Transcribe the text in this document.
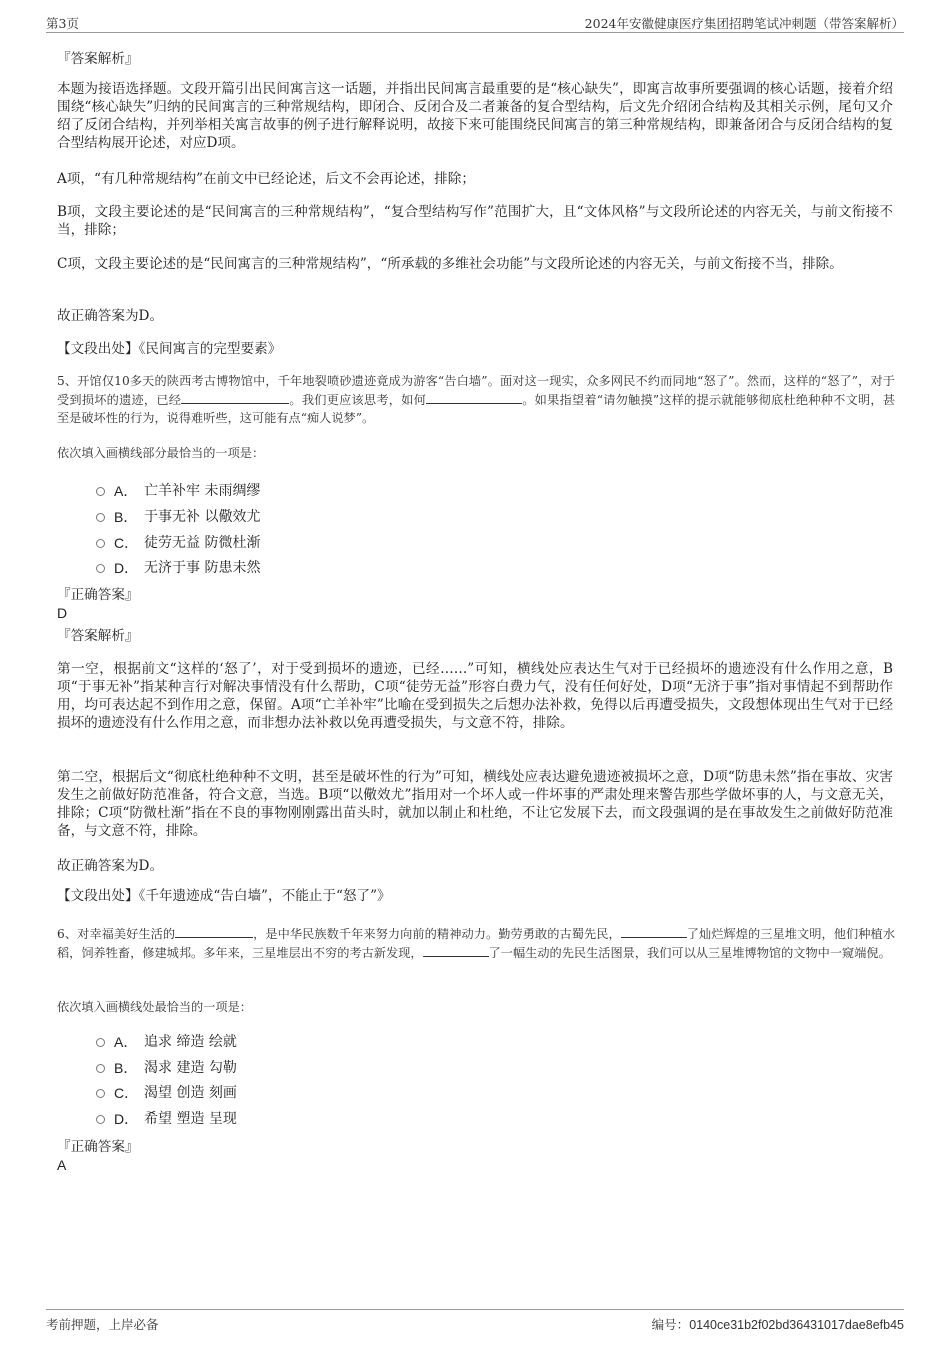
第3页	2024年安徽健康医疗集团招聘笔试冲刺题（带答案解析）
『答案解析』
本题为接语选择题。文段开篇引出民间寓言这一话题，并指出民间寓言最重要的是“核心缺失”，即寓言故事所要强调的核心话题，接着介绍围绕“核心缺失”归纳的民间寓言的三种常规结构，即闭合、反闭合及二者兼备的复合型结构，后文先介绍闭合结构及其相关示例，尾句又介绍了反闭合结构，并列举相关寓言故事的例子进行解释说明，故接下来可能围绕民间寓言的第三种常规结构，即兼备闭合与反闭合结构的复合型结构展开论述，对应D项。
A项，“有几种常规结构”在前文中已经论述，后文不会再论述，排除；
B项，文段主要论述的是“民间寓言的三种常规结构”，“复合型结构写作”范围扩大，且“文体风格”与文段所论述的内容无关，与前文衔接不当，排除；
C项，文段主要论述的是“民间寓言的三种常规结构”，“所承载的多维社会功能”与文段所论述的内容无关，与前文衔接不当，排除。
故正确答案为D。
【文段出处】《民间寓言的完型要素》
5、开馆仅10多天的陕西考古博物馆中，千年地裂喷砂遗迹竟成为游客“告白墙”。面对这一现实，众多网民不约而同地“怒了”。然而，这样的“怒了”，对于受到损坏的遗迹，已经	。我们更应该思考，如何	。如果指望着“请勿触摸”这样的提示就能够彻底杜绝种种不文明，甚至是破坏性的行为，说得难听些，这可能有点“痴人说梦”。
依次填入画横线部分最恰当的一项是：
A． 亡羊补牢 未雨绸缪
B． 于事无补 以儆效尤
C． 徒劳无益 防微杜渐
D． 无济于事 防患未然
『正确答案』
D
『答案解析』
第一空，根据前文“这样的‘怒了’，对于受到损坏的遗迹，已经……”可知，横线处应表达生气对于已经损坏的遗迹没有什么作用之意，B项“于事无补”指某种言行对解决事情没有什么帮助，C项“徒劳无益”形容白费力气，没有任何好处，D项“无济于事”指对事情起不到帮助作用，均可表达起不到作用之意，保留。A项“亡羊补牢”比喻在受到损失之后想办法补救，免得以后再遭受损失，文段想体现出生气对于已经损坏的遗迹没有什么作用之意，而非想办法补救以免再遭受损失，与文意不符，排除。
第二空，根据后文“彻底杜绝种种不文明，甚至是破坏性的行为”可知，横线处应表达避免遗迹被损坏之意，D项“防患未然”指在事故、灾害发生之前做好防范准备，符合文意，当选。B项“以儆效尤”指用对一个坏人或一件坏事的严肃处理来警告那些学做坏事的人，与文意无关，排除；C项“防微杜渐”指在不良的事物刚刚露出苗头时，就加以制止和杜绝，不让它发展下去，而文段强调的是在事故发生之前做好防范准备，与文意不符，排除。
故正确答案为D。
【文段出处】《千年遗迹成“告白墙”，不能止于“怒了”》
6、对幸福美好生活的	，是中华民族数千年来努力向前的精神动力。勤劳勇敢的古蜀先民，	了灿烂辉煌的三星堆文明，他们种植水稻，饲养牲畜，修建城邦。多年来，三星堆层出不穷的考古新发现，	了一幅生动的先民生活图景，我们可以从三星堆博物馆的文物中一窥端倪。
依次填入画横线处最恰当的一项是：
A． 追求 缔造 绘就
B． 渴求 建造 勾勒
C． 渴望 创造 刻画
D． 希望 塑造 呈现
『正确答案』
A
考前押题，上岸必备	编号：0140ce31b2f02bd36431017dae8efb45
